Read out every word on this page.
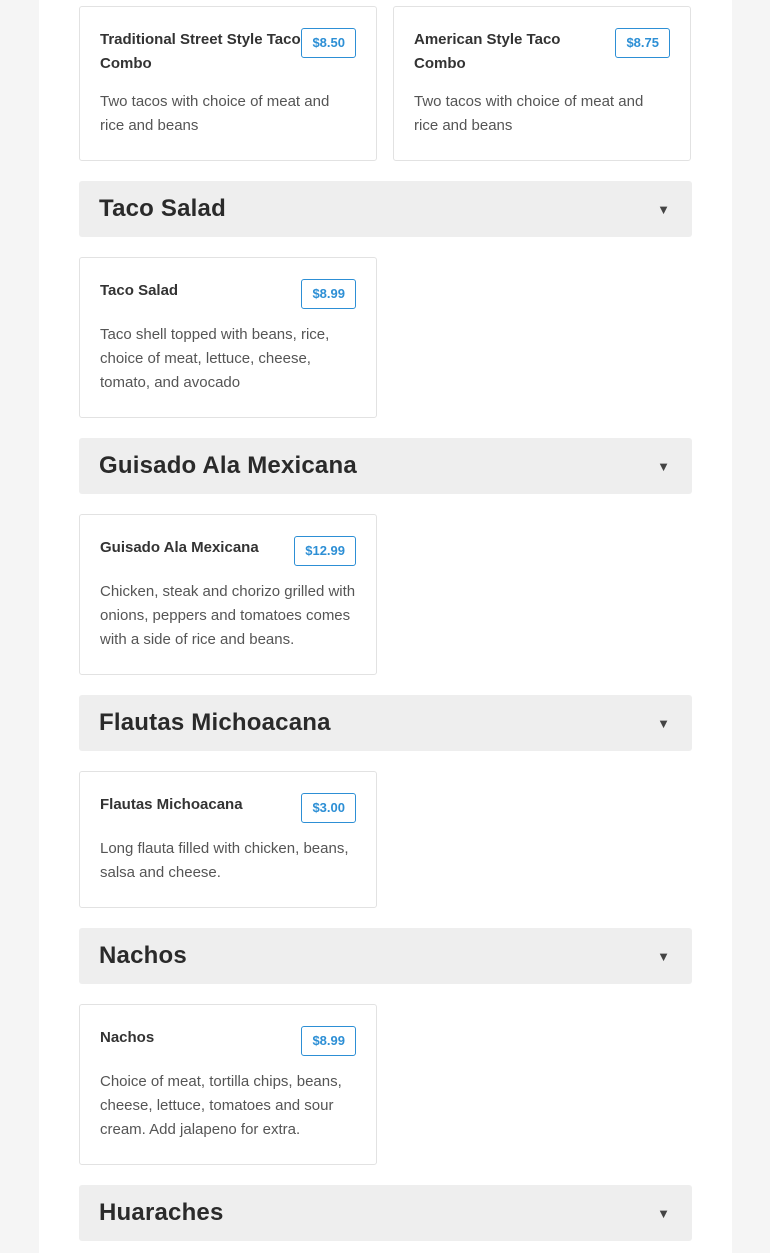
Traditional Street Style Taco Combo
$8.50
Two tacos with choice of meat and rice and beans
American Style Taco Combo
$8.75
Two tacos with choice of meat and rice and beans
Taco Salad	▼
Taco Salad	$8.99
Taco shell topped with beans, rice, choice of meat, lettuce, cheese, tomato, and avocado
Guisado Ala Mexicana	▼
Guisado Ala Mexicana	$12.99
Chicken, steak and chorizo grilled with onions, peppers and tomatoes comes with a side of rice and beans.
Flautas Michoacana	▼
Flautas Michoacana	$3.00
Long flauta filled with chicken, beans, salsa and cheese.
Nachos	▼
Nachos	$8.99
Choice of meat, tortilla chips, beans, cheese, lettuce, tomatoes and sour cream. Add jalapeno for extra.
Huaraches	▼
